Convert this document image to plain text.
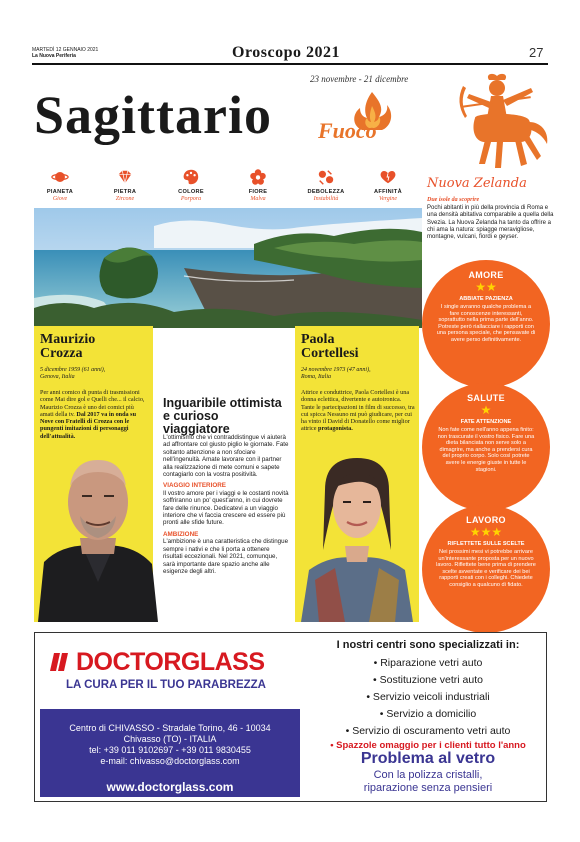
MARTEDÌ 12 GENNAIO 2021
La Nuova Periferia	Oroscopo 2021	27
23 novembre - 21 dicembre
Sagittario Fuoco
PIANETA
Giove
PIETRA
Zircone
COLORE
Porpora
FIORE
Malva
DEBOLEZZA
Instabilità
AFFINITÀ
Vergine
Nuova Zelanda
Due isole da scoprire
Pochi abitanti in più della provincia di Roma e una densità abitativa comparabile a quella della Svezia. La Nuova Zelanda ha tanto da offrire a chi ama la natura: spiagge meravigliose, montagne, vulcani, fiordi e geyser.
Maurizio
Crozza
5 dicembre 1959 (61 anni),
Genova, Italia
Per anni comico di punta di trasmissioni come Mai dire gol e Quelli che... il calcio, Maurizio Crozza è uno dei comici più amati della tv. Dal 2017 va in onda su Nove con Fratelli di Crozza con le pungenti imitazioni di personaggi dell'attualità.
Paola
Cortellesi
24 novembre 1973 (47 anni),
Roma, Italia
Attrice e conduttrice, Paola Cortellesi è una donna eclettica, divertente e autoironica. Tante le partecipazioni in film di successo, tra cui spicca Nessuno mi può giudicare, per cui ha vinto il David di Donatello come miglior attrice protagonista.
Inguaribile ottimista e curioso viaggiatore
L'ottimismo che vi contraddistingue vi aiuterà ad affrontare col giusto piglio le giornate. Fate soltanto attenzione a non sfociare nell'ingenuità. Amate lavorare con il partner alla realizzazione di mete comuni e sapete contagiarlo con la vostra positività.
VIAGGIO INTERIORE
Il vostro amore per i viaggi e le costanti novità soffriranno un po' quest'anno, in cui dovrete fare delle rinunce. Dedicatevi a un viaggio interiore che vi faccia crescere ed essere più pronti alle sfide future.
AMBIZIONE
L'ambizione è una caratteristica che distingue sempre i nativi e che li porta a ottenere risultati eccezionali. Nel 2021, comunque, sarà importante dare spazio anche alle esigenze degli altri.
AMORE
★★
ABBIATE PAZIENZA
I single avranno qualche problema a fare conoscenze interessanti, soprattutto nella prima parte dell'anno. Potreste però riallacciare i rapporti con una persona speciale, che pensavate di avere perso definitivamente.
SALUTE
★
FATE ATTENZIONE
Non fate come nell'anno appena finito: non trascurate il vostro fisico. Fare una dieta bilanciata non serve solo a dimagrire, ma anche a prendersi cura del proprio corpo. Solo così potrete avere le energie giuste in tutte le stagioni.
LAVORO
★★★
RIFLETTETE SULLE SCELTE
Nei prossimi mesi vi potrebbe arrivare un'interessante proposta per un nuovo lavoro. Riflettete bene prima di prendere scelte avventate e verificare dei bei rapporti creati con i colleghi. Chiedete consiglio a qualcuno di fidato.
DOCTORGLASS
LA CURA PER IL TUO PARABREZZA
Centro di CHIVASSO - Stradale Torino, 46 - 10034
Chivasso (TO) - ITALIA
tel: +39 011 9102697 - +39 011 9830455
e-mail: chivasso@doctorglass.com
www.doctorglass.com
I nostri centri sono specializzati in:
• Riparazione vetri auto
• Sostituzione vetri auto
• Servizio veicoli industriali
• Servizio a domicilio
• Servizio di oscuramento vetri auto
• Spazzole omaggio per i clienti tutto l'anno
Problema al vetro
Con la polizza cristalli,
riparazione senza pensieri
